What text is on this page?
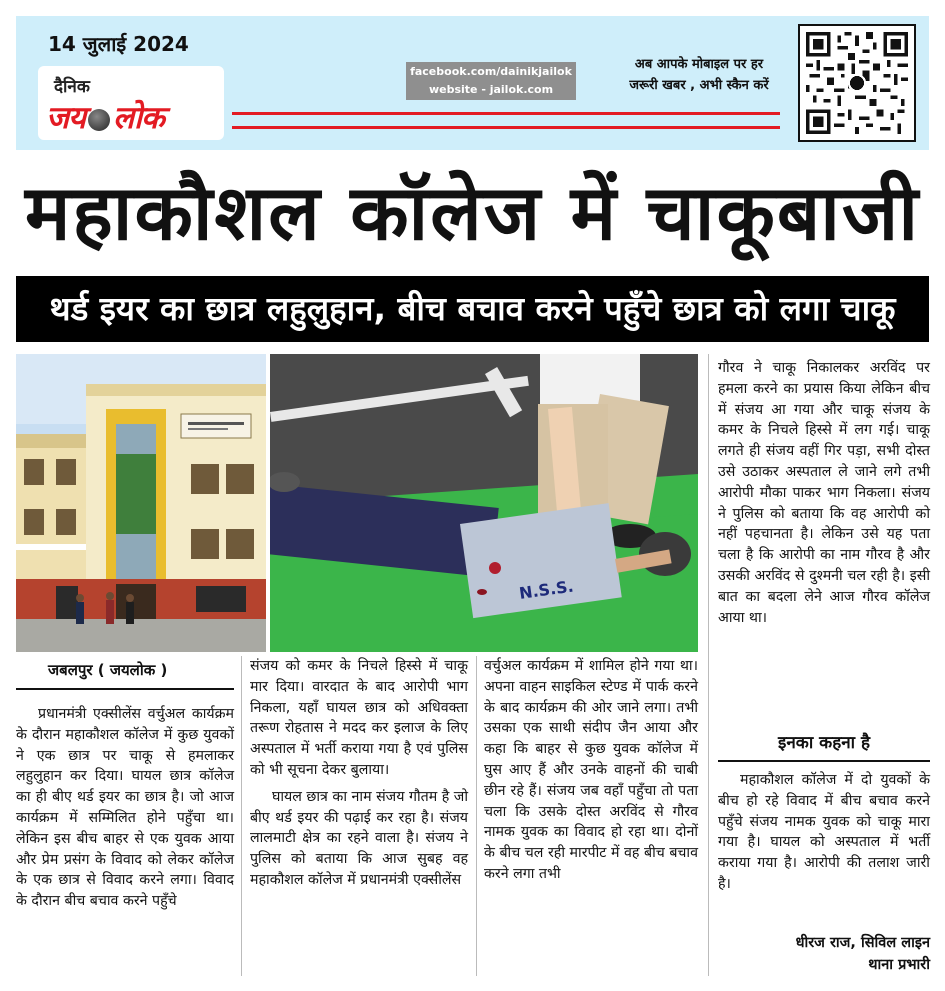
14 जुलाई 2024
दैनिक
जय लोक
facebook.com/dainikjailok
website - jailok.com
अब आपके मोबाइल पर हर
जरूरी खबर , अभी स्कैन करें
महाकौशल कॉलेज में चाकूबाजी
थर्ड इयर का छात्र लहुलुहान, बीच बचाव करने पहुँचे छात्र को लगा चाकू
N.S.S.
जबलपुर ( जयलोक )

प्रधानमंत्री एक्सीलेंस वर्चुअल कार्यक्रम के दौरान महाकौशल कॉलेज में कुछ युवकों ने एक छात्र पर चाकू से हमलाकर लहुलुहान कर दिया। घायल छात्र कॉलेज का ही बीए थर्ड इयर का छात्र है। जो आज कार्यक्रम में सम्मिलित होने पहुँचा था। लेकिन इस बीच बाहर से एक युवक आया और प्रेम प्रसंग के विवाद को लेकर कॉलेज के एक छात्र से विवाद करने लगा। विवाद के दौरान बीच बचाव करने पहुँचे

संजय को कमर के निचले हिस्से में चाकू मार दिया। वारदात के बाद आरोपी भाग निकला, यहाँ घायल छात्र को अधिवक्ता तरूण रोहतास ने मदद कर इलाज के लिए अस्पताल में भर्ती कराया गया है एवं पुलिस को भी सूचना देकर बुलाया।

घायल छात्र का नाम संजय गौतम है जो बीए थर्ड इयर की पढ़ाई कर रहा है। संजय लालमाटी क्षेत्र का रहने वाला है। संजय ने पुलिस को बताया कि आज सुबह वह महाकौशल कॉलेज में प्रधानमंत्री एक्सीलेंस

वर्चुअल कार्यक्रम में शामिल होने गया था। अपना वाहन साइकिल स्टेण्ड में पार्क करने के बाद कार्यक्रम की ओर जाने लगा। तभी उसका एक साथी संदीप जैन आया और कहा कि बाहर से कुछ युवक कॉलेज में घुस आए हैं और उनके वाहनों की चाबी छीन रहे हैं। संजय जब वहाँ पहुँचा तो पता चला कि उसके दोस्त अरविंद से गौरव नामक युवक का विवाद हो रहा था। दोनों के बीच चल रही मारपीट में वह बीच बचाव करने लगा तभी

गौरव ने चाकू निकालकर अरविंद पर हमला करने का प्रयास किया लेकिन बीच में संजय आ गया और चाकू संजय के कमर के निचले हिस्से में लग गई। चाकू लगते ही संजय वहीं गिर पड़ा, सभी दोस्त उसे उठाकर अस्पताल ले जाने लगे तभी आरोपी मौका पाकर भाग निकला। संजय ने पुलिस को बताया कि वह आरोपी को नहीं पहचानता है। लेकिन उसे यह पता चला है कि आरोपी का नाम गौरव है और उसकी अरविंद से दुश्मनी चल रही है। इसी बात का बदला लेने आज गौरव कॉलेज आया था।

इनका कहना है

महाकौशल कॉलेज में दो युवकों के बीच हो रहे विवाद में बीच बचाव करने पहुँचे संजय नामक युवक को चाकू मारा गया है। घायल को अस्पताल में भर्ती कराया गया है। आरोपी की तलाश जारी है।

धीरज राज, सिविल लाइन
थाना प्रभारी
